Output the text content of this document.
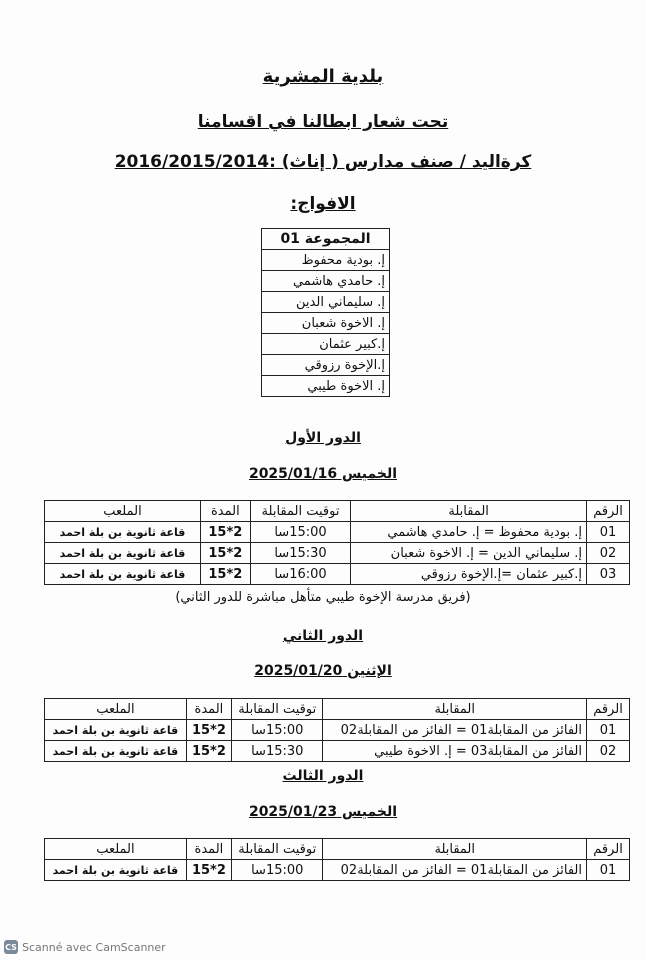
بلدية المشرية
تحت شعار ابطالنا في اقسامنا
كرةاليد / صنف مدارس ( إناث) :2016/2015/2014
الافواج:
المجموعة 01
إ. بودية محفوظ
إ. حامدي هاشمي
إ. سليماني الدين
إ. الاخوة شعبان
إ.كبير عثمان
إ.الإخوة رزوقي
إ. الاخوة طيبي
الدور الأول
الخميس 2025/01/16
الرقم	المقابلة	توقيت المقابلة	المدة	الملعب
01	إ. بودية محفوظ = إ. حامدي هاشمي	15:00سا	2*15	قاعة ثانوية بن بلة احمد
02	إ. سليماني الدين = إ. الاخوة شعبان	15:30سا	2*15	قاعة ثانوية بن بلة احمد
03	إ.كبير عثمان =إ.الإخوة رزوقي	16:00سا	2*15	قاعة ثانوية بن بلة احمد
(فريق مدرسة الإخوة طيبي متأهل مباشرة للدور الثاني)
الدور الثاني
الإثنين 2025/01/20
الرقم	المقابلة	توقيت المقابلة	المدة	الملعب
01	الفائز من المقابلة01 = الفائز من المقابلة02	15:00سا	2*15	قاعة ثانوية بن بلة احمد
02	الفائز من المقابلة03 = إ. الاخوة طيبي	15:30سا	2*15	قاعة ثانوية بن بلة احمد
الدور الثالث
الخميس 2025/01/23
الرقم	المقابلة	توقيت المقابلة	المدة	الملعب
01	الفائز من المقابلة01 = الفائز من المقابلة02	15:00سا	2*15	قاعة ثانوية بن بلة احمد
CS Scanné avec CamScanner
